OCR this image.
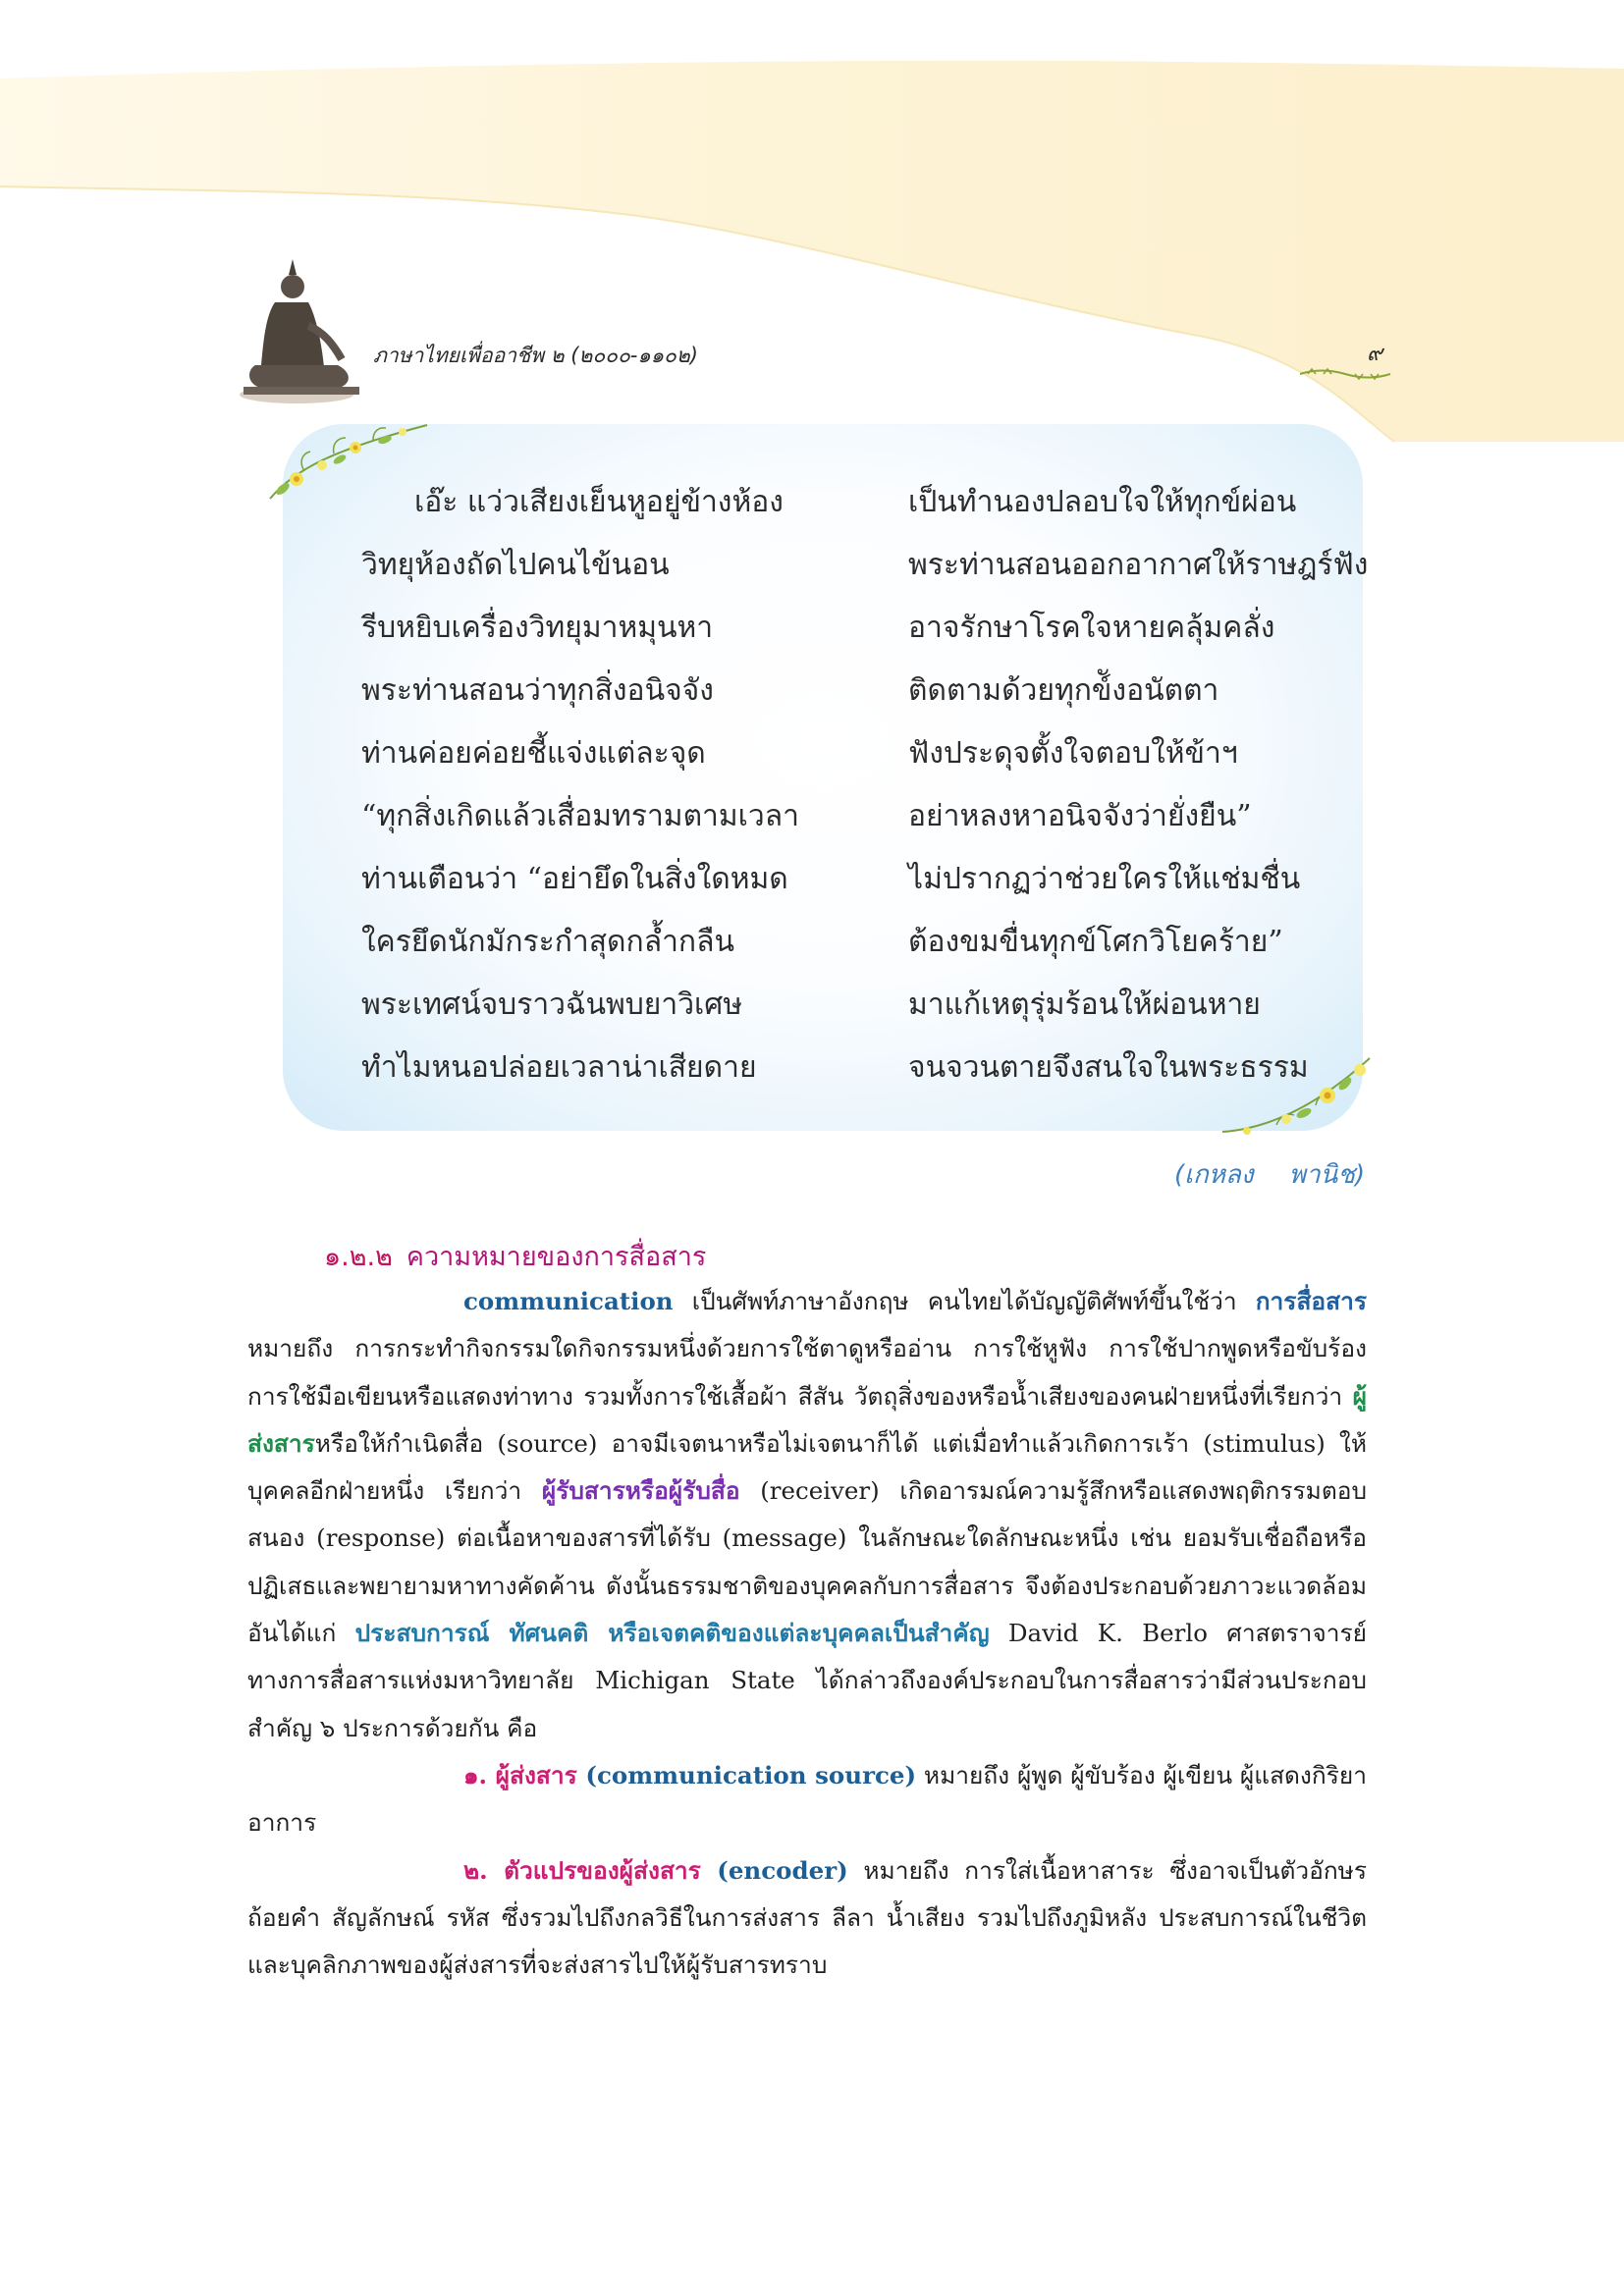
ภาษาไทยเพื่ออาชีพ ๒ (๒๐๐๐-๑๑๐๒)	๙
เอ๊ะ แว่วเสียงเย็นหูอยู่ข้างห้อง
วิทยุห้องถัดไปคนไข้นอน
รีบหยิบเครื่องวิทยุมาหมุนหา
พระท่านสอนว่าทุกสิ่งอนิจจัง
ท่านค่อยค่อยชี้แจ่งแต่ละจุด
“ทุกสิ่งเกิดแล้วเสื่อมทรามตามเวลา
ท่านเตือนว่า “อย่ายึดในสิ่งใดหมด
ใครยึดนักมักระกำสุดกล้ำกลืน
พระเทศน์จบราวฉันพบยาวิเศษ
ทำไมหนอปล่อยเวลาน่าเสียดาย
เป็นทำนองปลอบใจให้ทุกข์ผ่อน
พระท่านสอนออกอากาศให้ราษฎร์ฟัง
อาจรักษาโรคใจหายคลุ้มคลั่ง
ติดตามด้วยทุกข์ังอนัตตา
ฟังประดุจตั้งใจตอบให้ข้าฯ
อย่าหลงหาอนิจจังว่ายั่งยืน”
ไม่ปรากฏว่าช่วยใครให้แช่มชื่น
ต้องขมขื่นทุกข์โศกวิโยคร้าย”
มาแก้เหตุรุ่มร้อนให้ผ่อนหาย
จนจวนตายจึงสนใจในพระธรรม
(เกหลง พานิช)
๑.๒.๒ ความหมายของการสื่อสาร

communication เป็นศัพท์ภาษาอังกฤษ คนไทยได้บัญญัติศัพท์ขึ้นใช้ว่า การสื่อสาร หมายถึง การกระทำกิจกรรมใดกิจกรรมหนึ่งด้วยการใช้ตาดูหรืออ่าน การใช้หูฟัง การใช้ปากพูดหรือขับร้อง การใช้มือเขียนหรือแสดงท่าทาง รวมทั้งการใช้เสื้อผ้า สีสัน วัตถุสิ่งของหรือน้ำเสียงของคนฝ่ายหนึ่งที่เรียกว่า ผู้ส่งสารหรือให้กำเนิดสื่อ (source) อาจมีเจตนาหรือไม่เจตนาก็ได้ แต่เมื่อทำแล้วเกิดการเร้า (stimulus) ให้บุคคลอีกฝ่ายหนึ่ง เรียกว่า ผู้รับสารหรือผู้รับสื่อ (receiver) เกิดอารมณ์ความรู้สึกหรือแสดงพฤติกรรมตอบสนอง (response) ต่อเนื้อหาของสารที่ได้รับ (message) ในลักษณะใดลักษณะหนึ่ง เช่น ยอมรับเชื่อถือหรือปฏิเสธและพยายามหาทางคัดค้าน ดังนั้นธรรมชาติของบุคคลกับการสื่อสาร จึงต้องประกอบด้วยภาวะแวดล้อม อันได้แก่ ประสบการณ์ ทัศนคติ หรือเจตคติของแต่ละบุคคลเป็นสำคัญ David K. Berlo ศาสตราจารย์ทางการสื่อสารแห่งมหาวิทยาลัย Michigan State ได้กล่าวถึงองค์ประกอบในการสื่อสารว่ามีส่วนประกอบสำคัญ ๖ ประการด้วยกัน คือ

๑. ผู้ส่งสาร (communication source) หมายถึง ผู้พูด ผู้ขับร้อง ผู้เขียน ผู้แสดงกิริยาอาการ

๒. ตัวแปรของผู้ส่งสาร (encoder) หมายถึง การใส่เนื้อหาสาระ ซึ่งอาจเป็นตัวอักษร ถ้อยคำ สัญลักษณ์ รหัส ซึ่งรวมไปถึงกลวิธีในการส่งสาร ลีลา น้ำเสียง รวมไปถึงภูมิหลัง ประสบการณ์ในชีวิต และบุคลิกภาพของผู้ส่งสารที่จะส่งสารไปให้ผู้รับสารทราบ
